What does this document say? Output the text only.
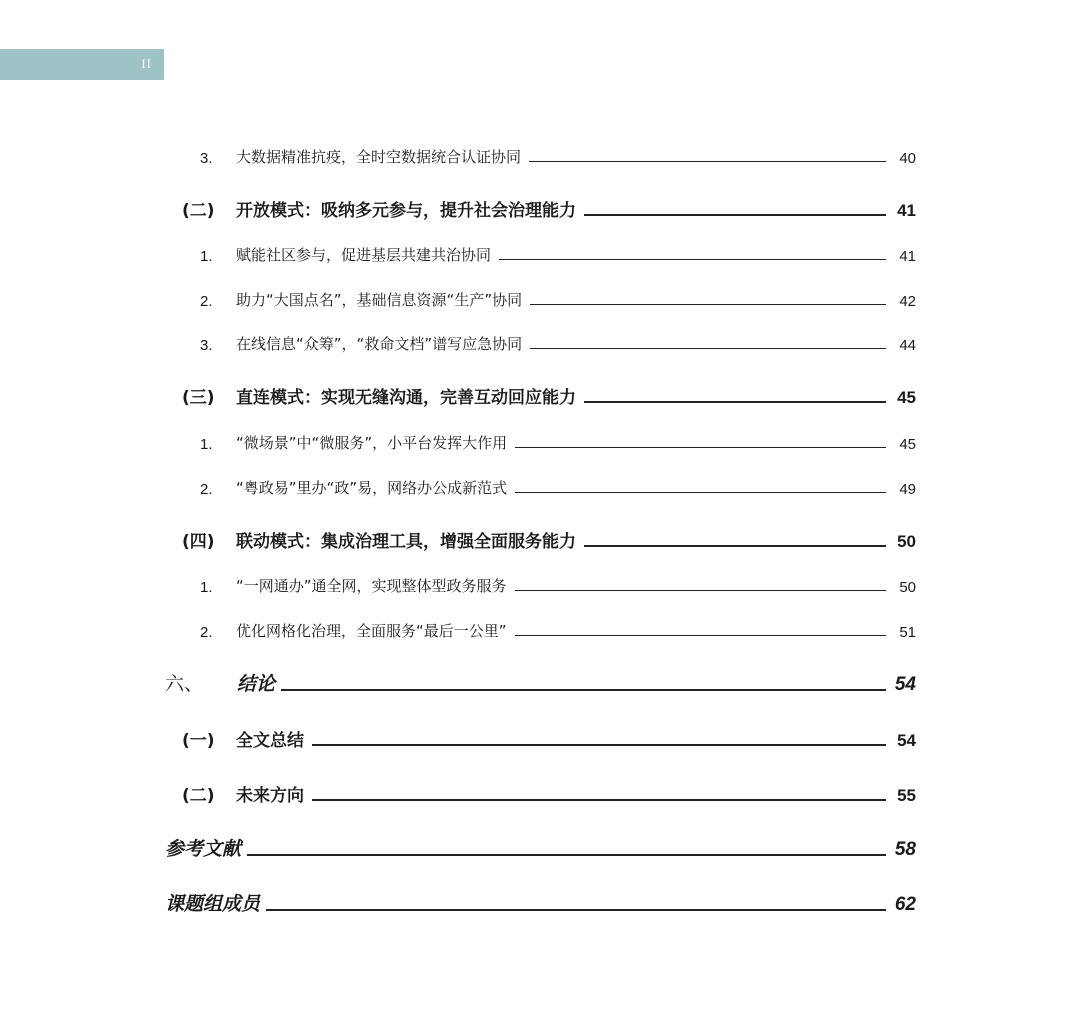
II
3.	大数据精准抗疫，全时空数据统合认证协同	40
(二)	开放模式：吸纳多元参与，提升社会治理能力	41
1.	赋能社区参与，促进基层共建共治协同	41
2.	助力“大国点名”，基础信息资源“生产”协同	42
3.	在线信息“众筹”，“救命文档”谱写应急协同	44
(三)	直连模式：实现无缝沟通，完善互动回应能力	45
1.	“微场景”中“微服务”，小平台发挥大作用	45
2.	“粤政易”里办“政”易，网络办公成新范式	49
(四)	联动模式：集成治理工具，增强全面服务能力	50
1.	“一网通办”通全网，实现整体型政务服务	50
2.	优化网格化治理，全面服务“最后一公里”	51
六、	结论	54
(一)	全文总结	54
(二)	未来方向	55
参考文献	58
课题组成员	62
